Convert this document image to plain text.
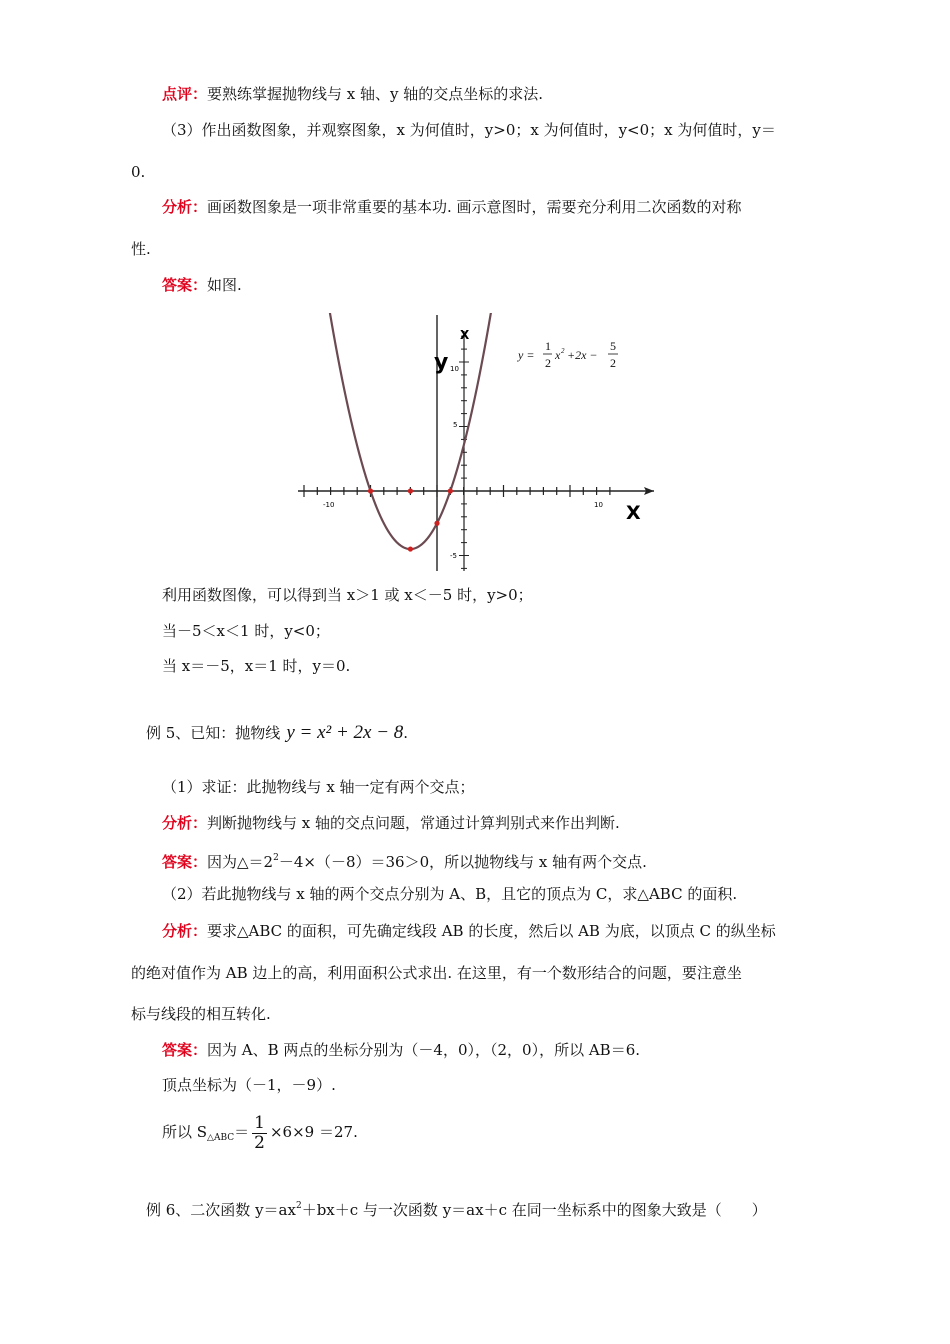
点评：要熟练掌握抛物线与 x 轴、y 轴的交点坐标的求法.
（3）作出函数图象，并观察图象，x 为何值时，y>0；x 为何值时，y<0；x 为何值时，y＝
0.
分析：画函数图象是一项非常重要的基本功. 画示意图时，需要充分利用二次函数的对称
性.
答案：如图.
y
X
X
-10	10
10
5
-5
y =
1
2
x 2 +2x −
5
2
利用函数图像，可以得到当 x＞1 或 x＜－5 时，y>0；
当－5＜x＜1 时，y<0；
当 x＝－5，x＝1 时，y＝0.
例 5、已知：抛物线 y = x² + 2x − 8.
（1）求证：此抛物线与 x 轴一定有两个交点；
分析：判断抛物线与 x 轴的交点问题，常通过计算判别式来作出判断.
答案：因为$\triangle=2^2-4\times(-8)=36>0$，所以抛物线与 x 轴有两个交点.
（2）若此抛物线与 x 轴的两个交点分别为 A、B，且它的顶点为 C，求△ABC 的面积.
分析：要求△ABC 的面积，可先确定线段 AB 的长度，然后以 AB 为底，以顶点 C 的纵坐标
的绝对值作为 AB 边上的高，利用面积公式求出. 在这里，有一个数形结合的问题，要注意坐
标与线段的相互转化.
答案：因为 A、B 两点的坐标分别为（－4，0），（2，0），所以 AB＝6.
顶点坐标为（－1，－9）.
所以 $S_{\triangle ABC}= \frac{1}{2} \times 6\times 9 =27$.
例 6、二次函数 $y=ax^2+bx+c$ 与一次函数 y＝ax＋c 在同一坐标系中的图象大致是（　　）
